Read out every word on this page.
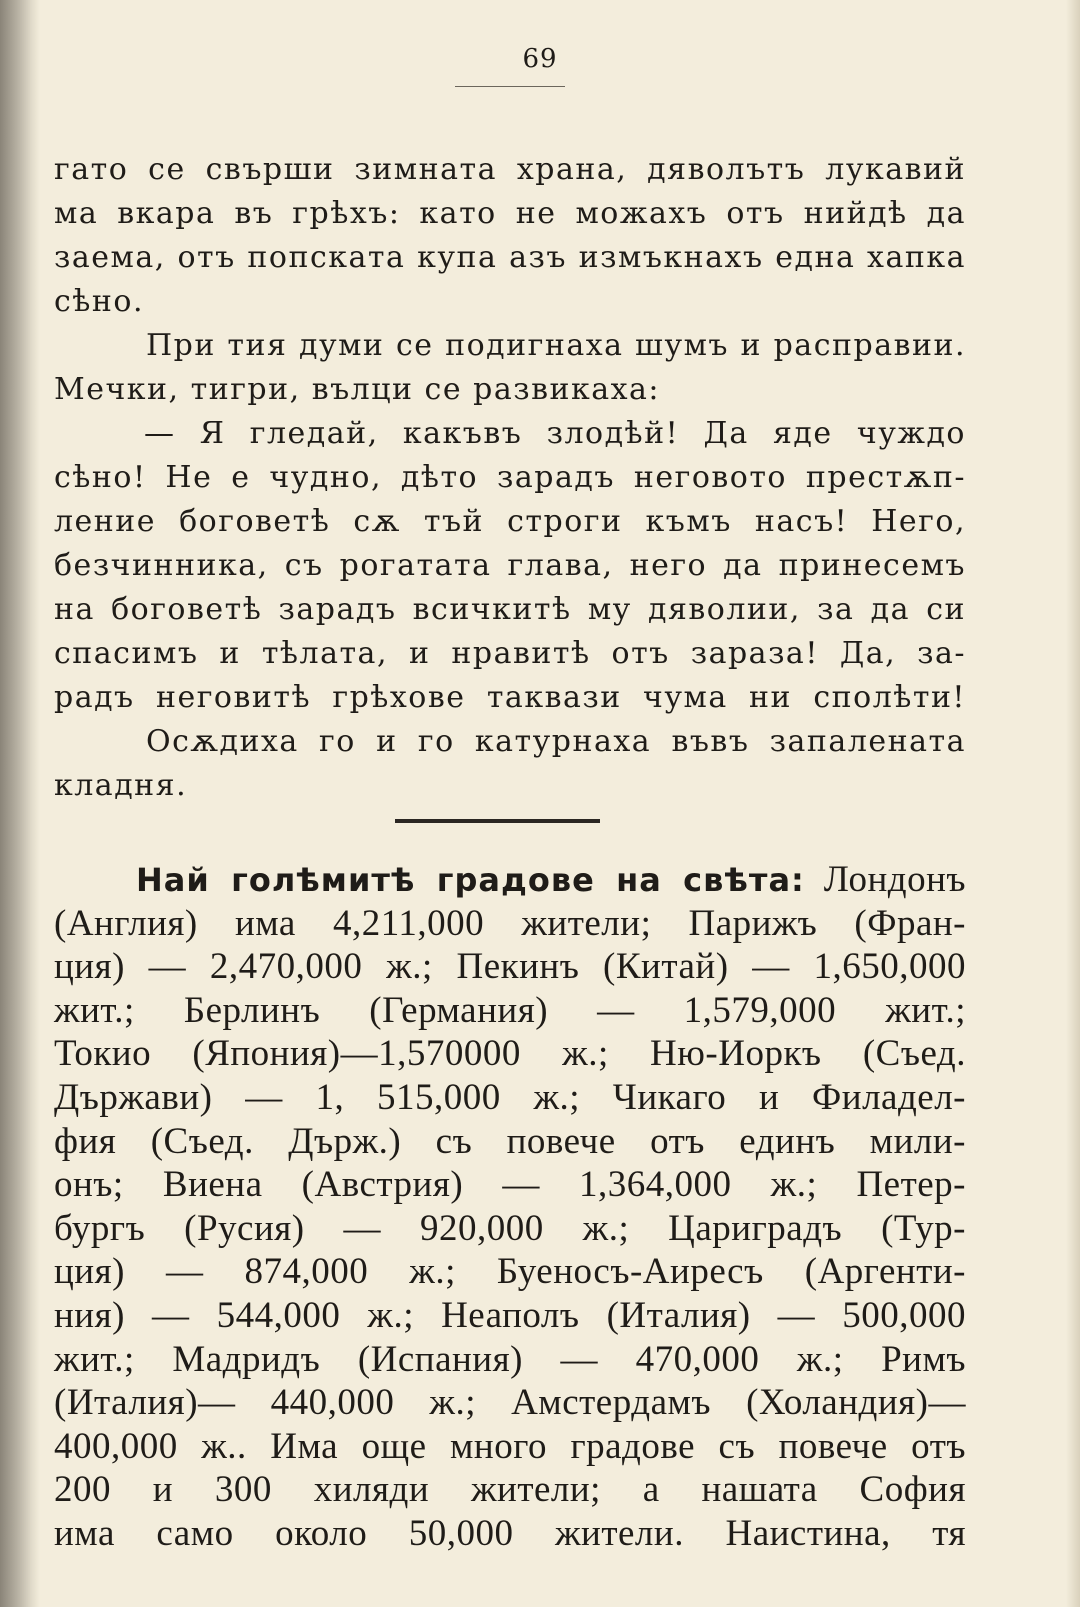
69
гато се свърши зимната храна, дяволътъ лукавий
ма вкара въ грѣхъ: като не можахъ отъ нийдѣ да
заема, отъ попската купа азъ измъкнахъ една хапка
сѣно.
При тия думи се подигнаха шумъ и расправии.
Мечки, тигри, вълци се развикаха:
— Я гледай, какъвъ злодѣй! Да яде чуждо
сѣно! Не е чудно, дѣто зарадъ неговото престѫп-
ление боговетѣ сѫ тъй строги къмъ насъ! Него,
безчинника, съ рогатата глава, него да принесемъ
на боговетѣ зарадъ всичкитѣ му дяволии, за да си
спасимъ и тѣлата, и нравитѣ отъ зараза! Да, за-
радъ неговитѣ грѣхове таквази чума ни сполѣти!
Осѫдиха го и го катурнаха въвъ запалената
кладня.
Най голѣмитѣ градове на свѣта: Лондонъ
(Англия) има 4,211,000 жители; Парижъ (Фран-
ция) — 2,470,000 ж.; Пекинъ (Китай) — 1,650,000
жит.; Берлинъ (Германия) — 1,579,000 жит.;
Токио (Япония)—1,570000 ж.; Ню-Иоркъ (Съед.
Държави) — 1, 515,000 ж.; Чикаго и Филадел-
фия (Съед. Държ.) съ повече отъ единъ мили-
онъ; Виена (Австрия) — 1,364,000 ж.; Петер-
бургъ (Русия) — 920,000 ж.; Цариградъ (Тур-
ция) — 874,000 ж.; Буеносъ-Аиресъ (Аргенти-
ния) — 544,000 ж.; Неаполъ (Италия) — 500,000
жит.; Мадридъ (Испания) — 470,000 ж.; Римъ
(Италия)— 440,000 ж.; Амстердамъ (Холандия)—
400,000 ж.. Има още много градове съ повече отъ
200 и 300 хиляди жители; а нашата София
има само около 50,000 жители. Наистина, тя
